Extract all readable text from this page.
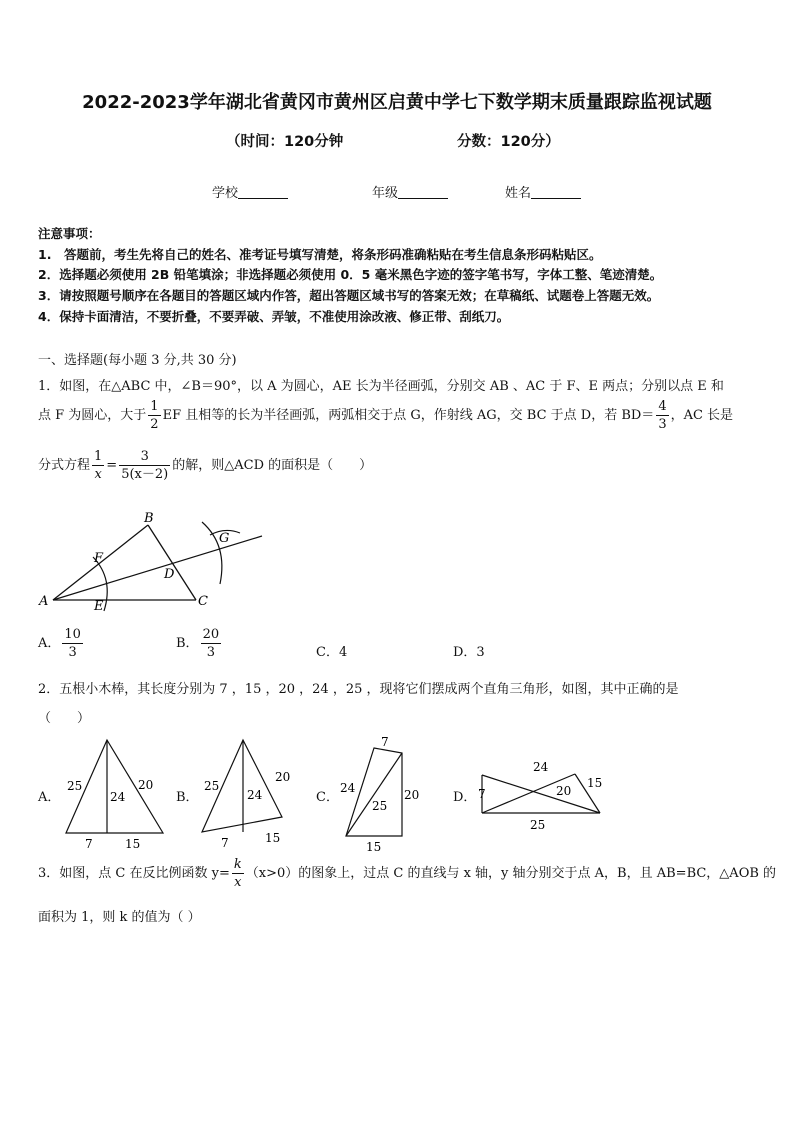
2022-2023学年湖北省黄冈市黄州区启黄中学七下数学期末质量跟踪监视试题
（时间：120分钟	分数：120分）
学校	年级	姓名
注意事项：
1.　答题前，考生先将自己的姓名、准考证号填写清楚，将条形码准确粘贴在考生信息条形码粘贴区。
2．选择题必须使用 2B 铅笔填涂；非选择题必须使用 0．5 毫米黑色字迹的签字笔书写，字体工整、笔迹清楚。
3．请按照题号顺序在各题目的答题区域内作答，超出答题区域书写的答案无效；在草稿纸、试题卷上答题无效。
4．保持卡面清洁，不要折叠，不要弄破、弄皱，不准使用涂改液、修正带、刮纸刀。
一、选择题(每小题 3 分,共 30 分)
1．如图，在△ABC 中，∠B＝90°，以 A 为圆心，AE 长为半径画弧，分别交 AB 、AC 于 F、E 两点；分别以点 E 和
点 F 为圆心，大于 $\frac{1}{2}$ EF 且相等的长为半径画弧，两弧相交于点 G，作射线 AG，交 BC 于点 D，若 $BD= \frac{4}{3}$ ，AC 长是
分式方程 $\frac{1}{x} = \frac{3}{5(x-2)}$ 的解，则△ACD 的面积是（　　）
A
B
C
D
E
F
G
A． $\frac{10}{3}$	B． $\frac{20}{3}$	C．4	D．3
2．五根小木棒，其长度分别为 7 ，15 ，20 ，24 ，25 ，现将它们摆成两个直角三角形，如图，其中正确的是
（　　）
A．
25
24
20
7	15
B．
25
24
20
7	15
C．
7
24
25
20
15
D．
24
7	20
15
25
3．如图，点 C 在反比例函数 $y= \frac{k}{x} (x>0)$的图象上，过点 C 的直线与 x 轴，y 轴分别交于点 A，B，且 AB=BC，△AOB 的
面积为 1，则 k 的值为（ ）
